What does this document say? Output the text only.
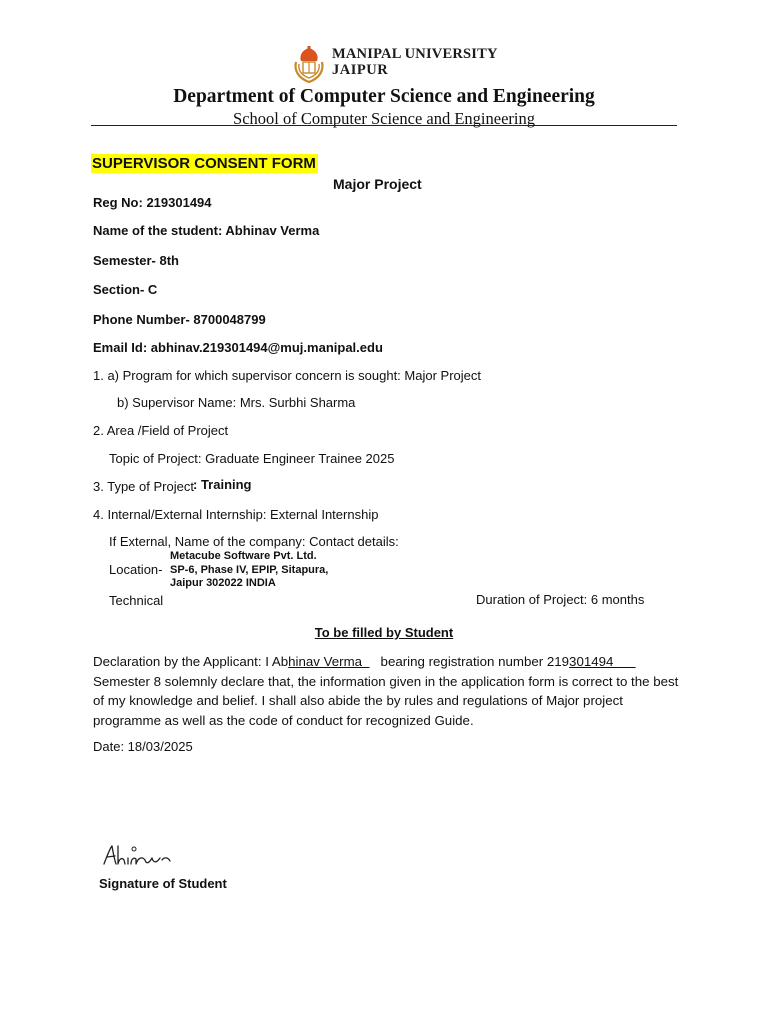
MANIPAL UNIVERSITY
JAIPUR
Department of Computer Science and Engineering
School of Computer Science and Engineering
SUPERVISOR CONSENT FORM
Major Project
Reg No: 219301494
Name of the student: Abhinav Verma
Semester- 8th
Section- C
Phone Number- 8700048799
Email Id: abhinav.219301494@muj.manipal.edu
1. a) Program for which supervisor concern is sought: Major Project
b) Supervisor Name: Mrs. Surbhi Sharma
2. Area /Field of Project
Topic of Project: Graduate Engineer Trainee 2025
3. Type of Project : Training
4. Internal/External Internship: External Internship
If External, Name of the company: Contact details:
Metacube Software Pvt. Ltd.
Location- SP-6, Phase IV, EPIP, Sitapura,
Jaipur 302022 INDIA
Technical	Duration of Project: 6 months
To be filled by Student
Declaration by the Applicant: I Abhinav Verma     bearing registration number 219301494       Semester 8 solemnly declare that, the information given in the application form is correct to the best of my knowledge and belief. I shall also abide the by rules and regulations of Major project programme as well as the code of conduct for recognized Guide.
Date: 18/03/2025
Signature of Student
